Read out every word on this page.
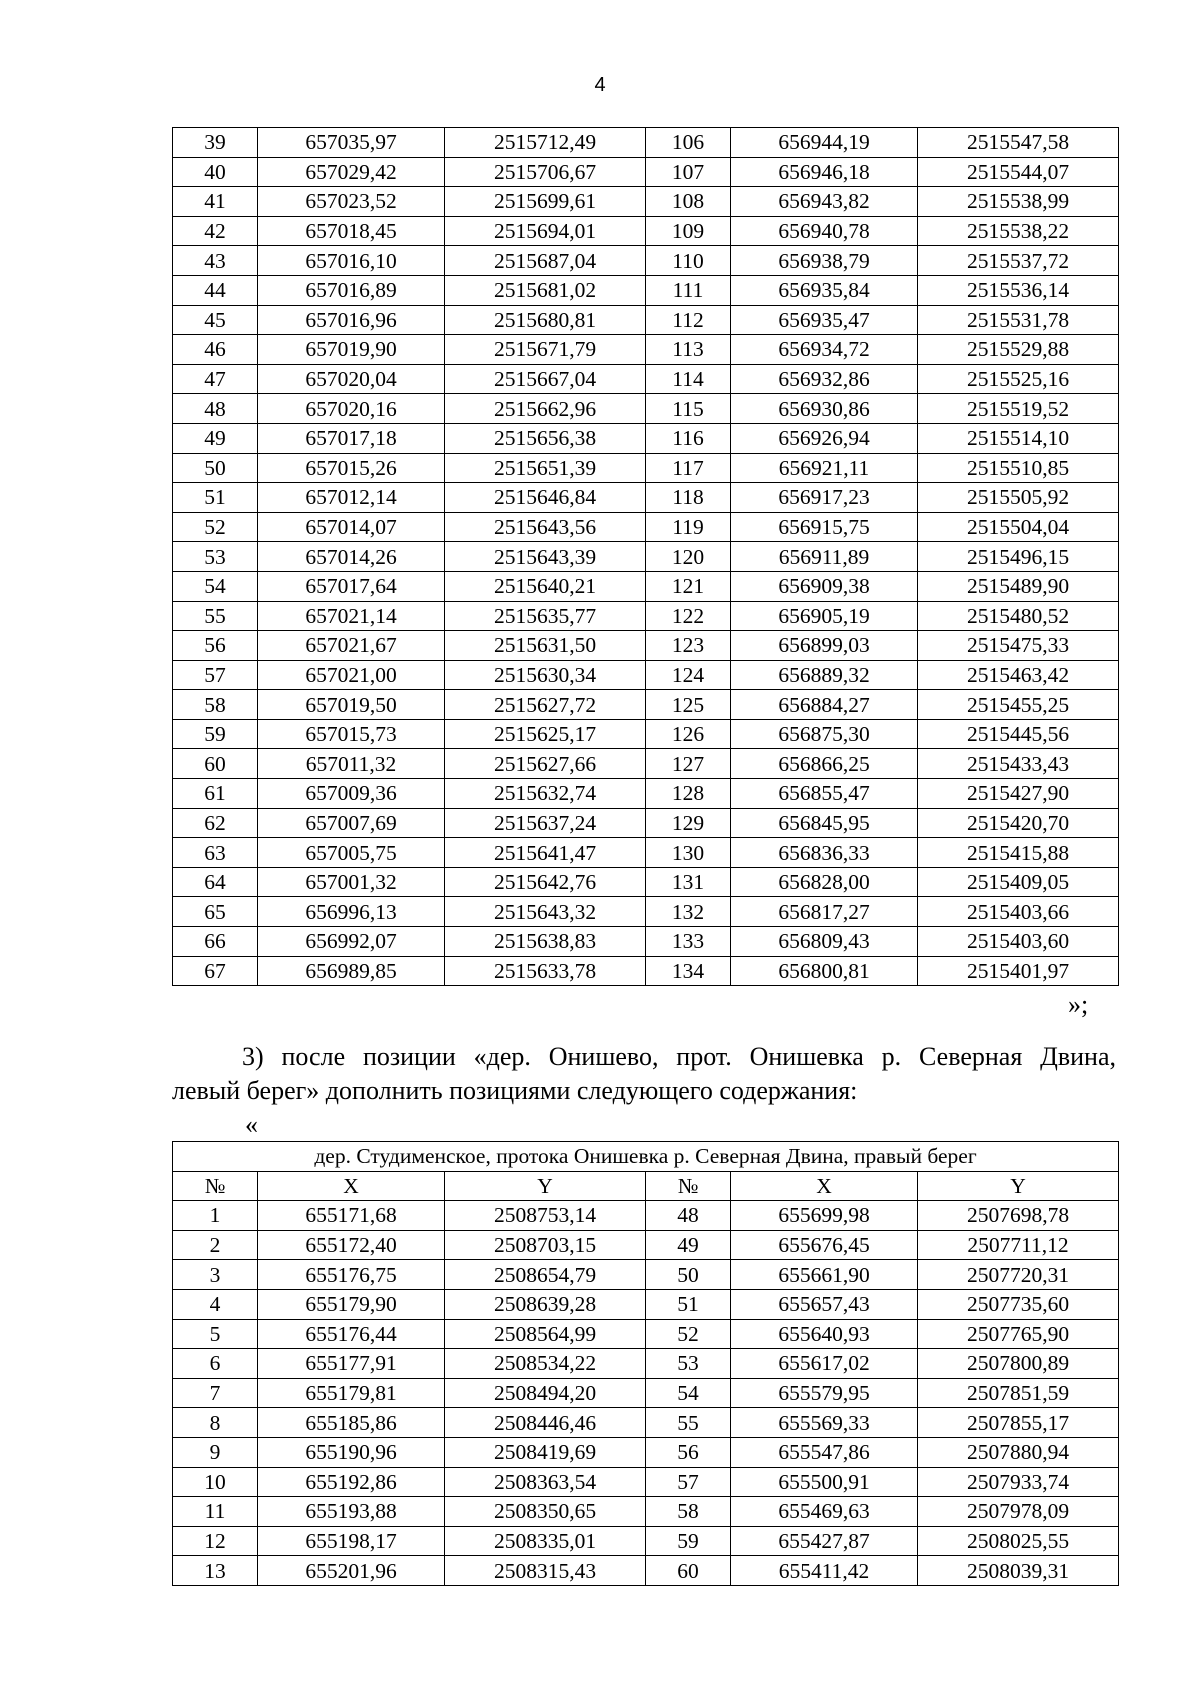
4
39	657035,97	2515712,49	106	656944,19	2515547,58
40	657029,42	2515706,67	107	656946,18	2515544,07
41	657023,52	2515699,61	108	656943,82	2515538,99
42	657018,45	2515694,01	109	656940,78	2515538,22
43	657016,10	2515687,04	110	656938,79	2515537,72
44	657016,89	2515681,02	111	656935,84	2515536,14
45	657016,96	2515680,81	112	656935,47	2515531,78
46	657019,90	2515671,79	113	656934,72	2515529,88
47	657020,04	2515667,04	114	656932,86	2515525,16
48	657020,16	2515662,96	115	656930,86	2515519,52
49	657017,18	2515656,38	116	656926,94	2515514,10
50	657015,26	2515651,39	117	656921,11	2515510,85
51	657012,14	2515646,84	118	656917,23	2515505,92
52	657014,07	2515643,56	119	656915,75	2515504,04
53	657014,26	2515643,39	120	656911,89	2515496,15
54	657017,64	2515640,21	121	656909,38	2515489,90
55	657021,14	2515635,77	122	656905,19	2515480,52
56	657021,67	2515631,50	123	656899,03	2515475,33
57	657021,00	2515630,34	124	656889,32	2515463,42
58	657019,50	2515627,72	125	656884,27	2515455,25
59	657015,73	2515625,17	126	656875,30	2515445,56
60	657011,32	2515627,66	127	656866,25	2515433,43
61	657009,36	2515632,74	128	656855,47	2515427,90
62	657007,69	2515637,24	129	656845,95	2515420,70
63	657005,75	2515641,47	130	656836,33	2515415,88
64	657001,32	2515642,76	131	656828,00	2515409,05
65	656996,13	2515643,32	132	656817,27	2515403,66
66	656992,07	2515638,83	133	656809,43	2515403,60
67	656989,85	2515633,78	134	656800,81	2515401,97
»;
3) после позиции «дер. Онишево, прот. Онишевка р. Северная Двина,
левый берег» дополнить позициями следующего содержания:
«
дер. Студименское, протока Онишевка р. Северная Двина, правый берег					
№	X	Y	№	X	Y
1	655171,68	2508753,14	48	655699,98	2507698,78
2	655172,40	2508703,15	49	655676,45	2507711,12
3	655176,75	2508654,79	50	655661,90	2507720,31
4	655179,90	2508639,28	51	655657,43	2507735,60
5	655176,44	2508564,99	52	655640,93	2507765,90
6	655177,91	2508534,22	53	655617,02	2507800,89
7	655179,81	2508494,20	54	655579,95	2507851,59
8	655185,86	2508446,46	55	655569,33	2507855,17
9	655190,96	2508419,69	56	655547,86	2507880,94
10	655192,86	2508363,54	57	655500,91	2507933,74
11	655193,88	2508350,65	58	655469,63	2507978,09
12	655198,17	2508335,01	59	655427,87	2508025,55
13	655201,96	2508315,43	60	655411,42	2508039,31
